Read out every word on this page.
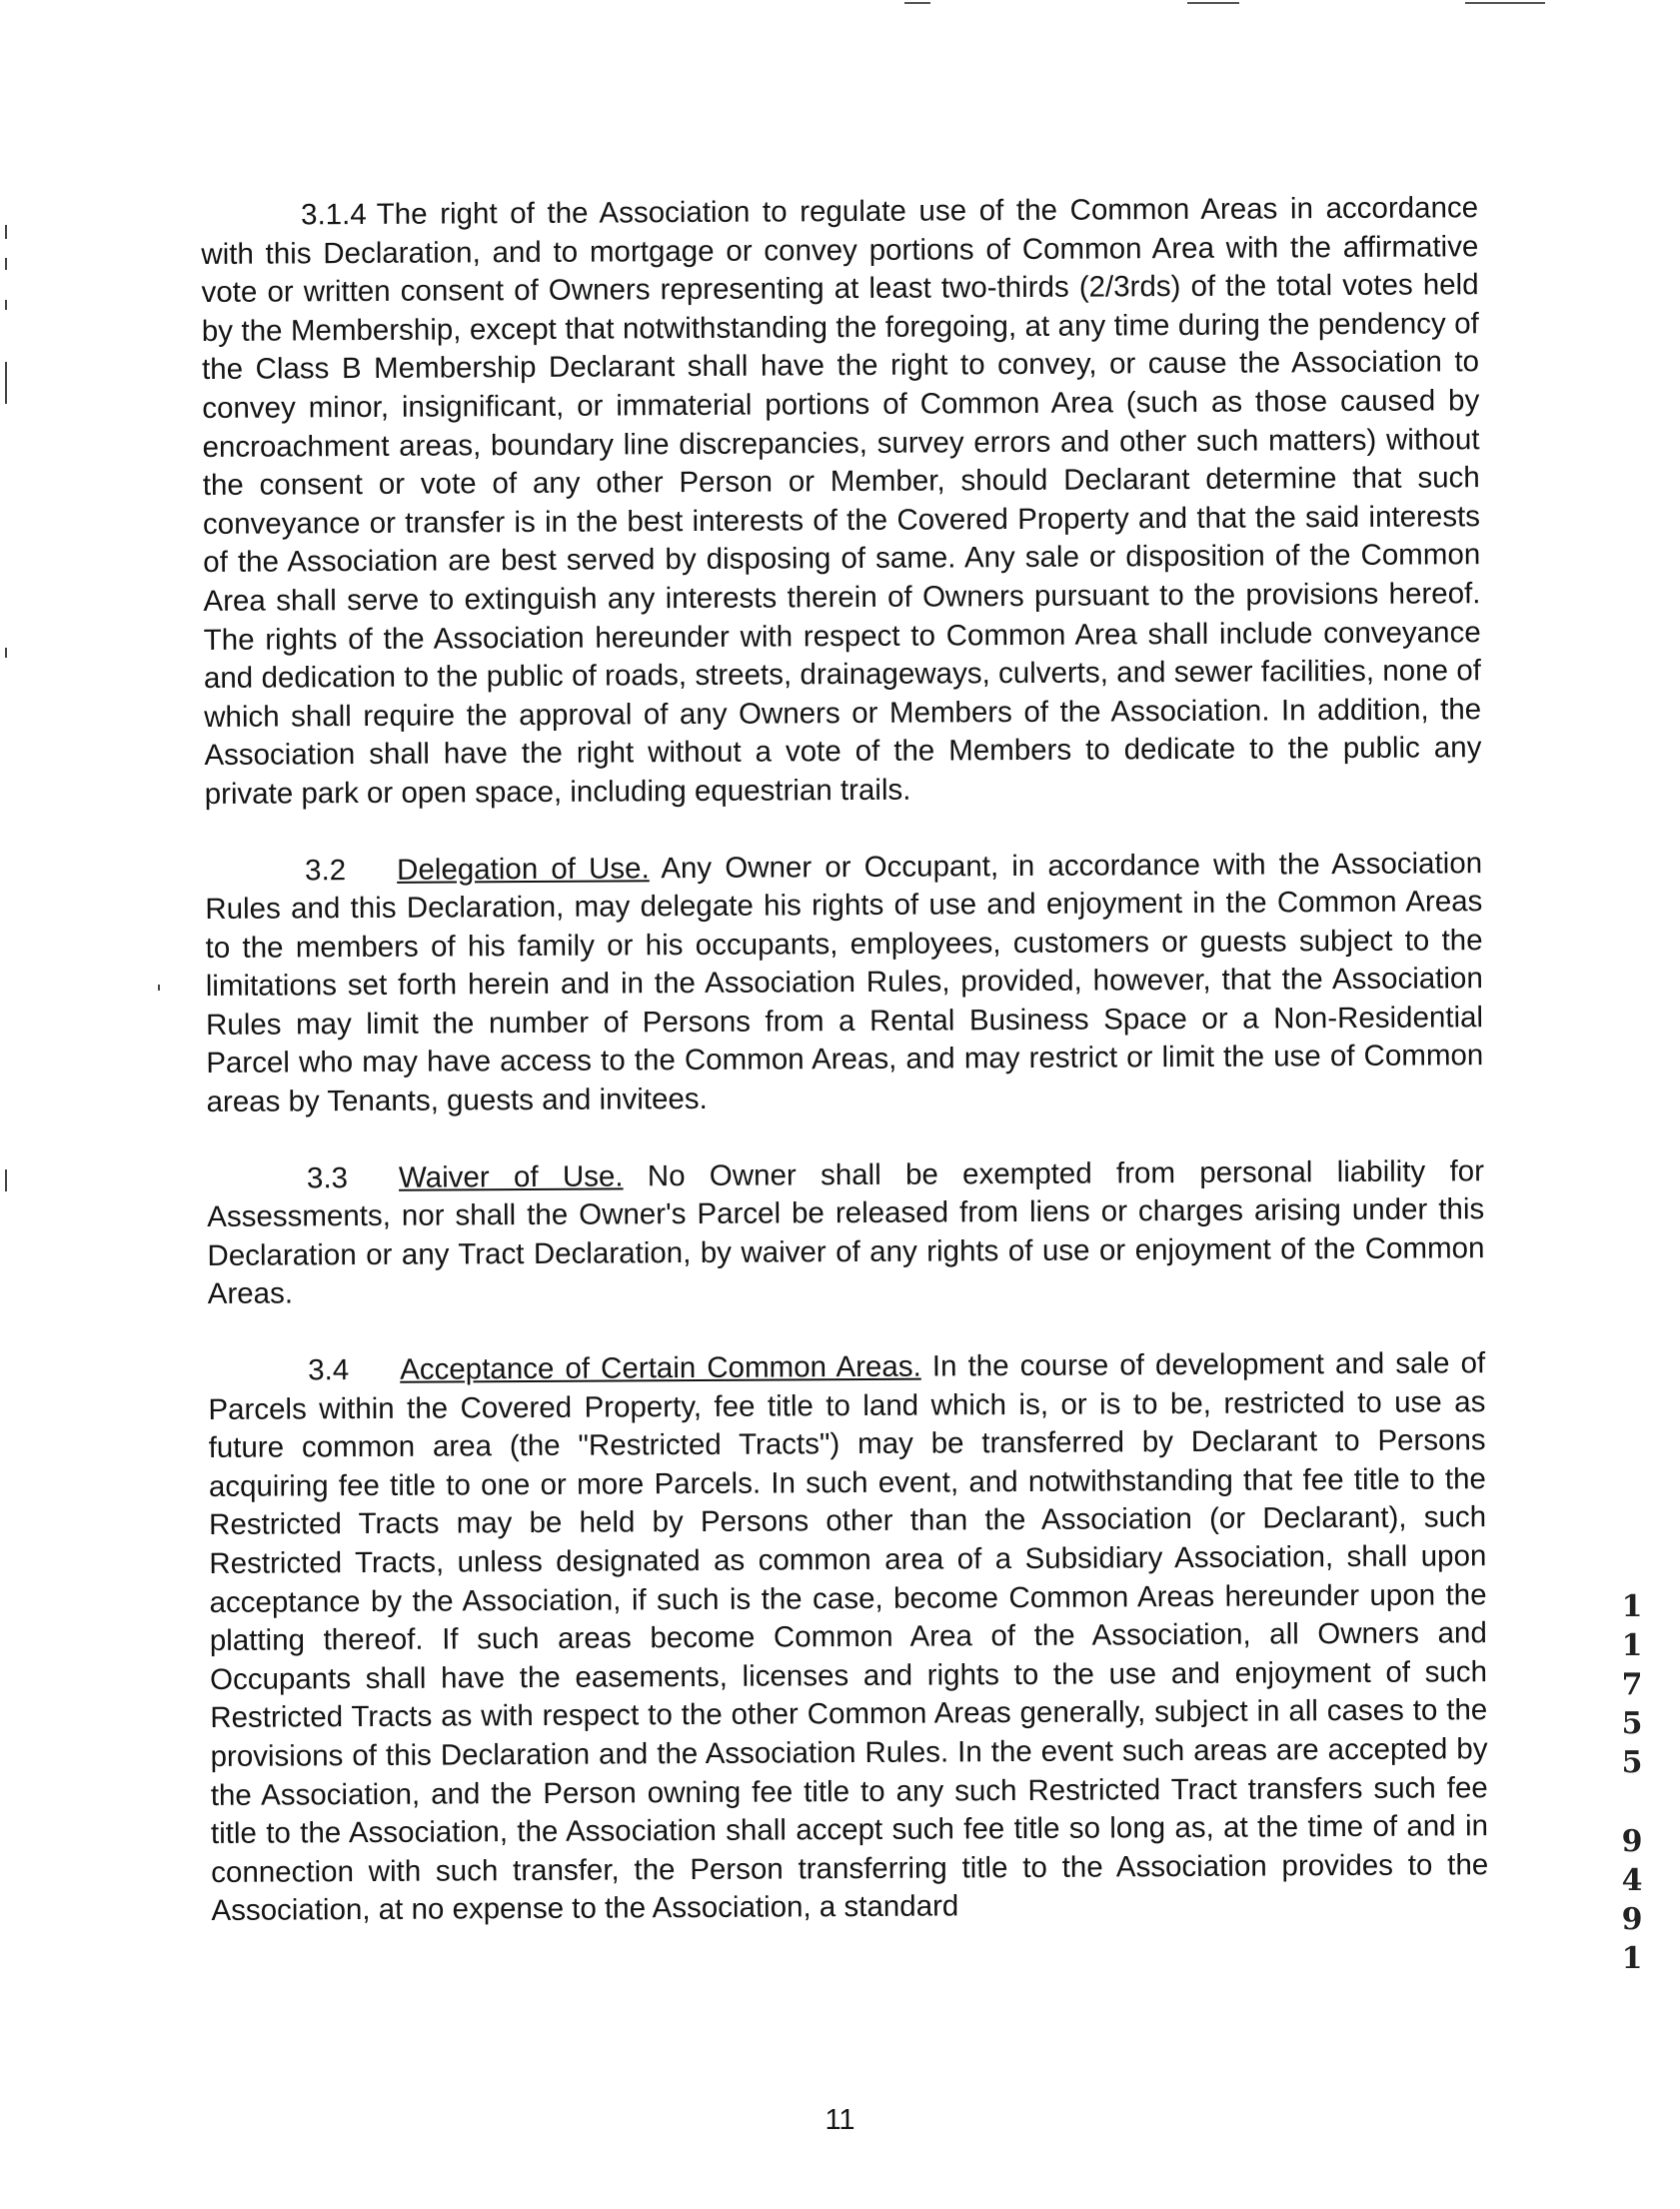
3.1.4 The right of the Association to regulate use of the Common Areas in accordance with this Declaration, and to mortgage or convey portions of Common Area with the affirmative vote or written consent of Owners representing at least two-thirds (2/3rds) of the total votes held by the Membership, except that notwithstanding the foregoing, at any time during the pendency of the Class B Membership Declarant shall have the right to convey, or cause the Association to convey minor, insignificant, or immaterial portions of Common Area (such as those caused by encroachment areas, boundary line discrepancies, survey errors and other such matters) without the consent or vote of any other Person or Member, should Declarant determine that such conveyance or transfer is in the best interests of the Covered Property and that the said interests of the Association are best served by disposing of same. Any sale or disposition of the Common Area shall serve to extinguish any interests therein of Owners pursuant to the provisions hereof. The rights of the Association hereunder with respect to Common Area shall include conveyance and dedication to the public of roads, streets, drainageways, culverts, and sewer facilities, none of which shall require the approval of any Owners or Members of the Association. In addition, the Association shall have the right without a vote of the Members to dedicate to the public any private park or open space, including equestrian trails.

3.2 Delegation of Use. Any Owner or Occupant, in accordance with the Association Rules and this Declaration, may delegate his rights of use and enjoyment in the Common Areas to the members of his family or his occupants, employees, customers or guests subject to the limitations set forth herein and in the Association Rules, provided, however, that the Association Rules may limit the number of Persons from a Rental Business Space or a Non-Residential Parcel who may have access to the Common Areas, and may restrict or limit the use of Common areas by Tenants, guests and invitees.

3.3 Waiver of Use. No Owner shall be exempted from personal liability for Assessments, nor shall the Owner's Parcel be released from liens or charges arising under this Declaration or any Tract Declaration, by waiver of any rights of use or enjoyment of the Common Areas.

3.4 Acceptance of Certain Common Areas. In the course of development and sale of Parcels within the Covered Property, fee title to land which is, or is to be, restricted to use as future common area (the "Restricted Tracts") may be transferred by Declarant to Persons acquiring fee title to one or more Parcels. In such event, and notwithstanding that fee title to the Restricted Tracts may be held by Persons other than the Association (or Declarant), such Restricted Tracts, unless designated as common area of a Subsidiary Association, shall upon acceptance by the Association, if such is the case, become Common Areas hereunder upon the platting thereof. If such areas become Common Area of the Association, all Owners and Occupants shall have the easements, licenses and rights to the use and enjoyment of such Restricted Tracts as with respect to the other Common Areas generally, subject in all cases to the provisions of this Declaration and the Association Rules. In the event such areas are accepted by the Association, and the Person owning fee title to any such Restricted Tract transfers such fee title to the Association, the Association shall accept such fee title so long as, at the time of and in connection with such transfer, the Person transferring title to the Association provides to the Association, at no expense to the Association, a standard

11
1
1
7
5
5
9
4
9
1
